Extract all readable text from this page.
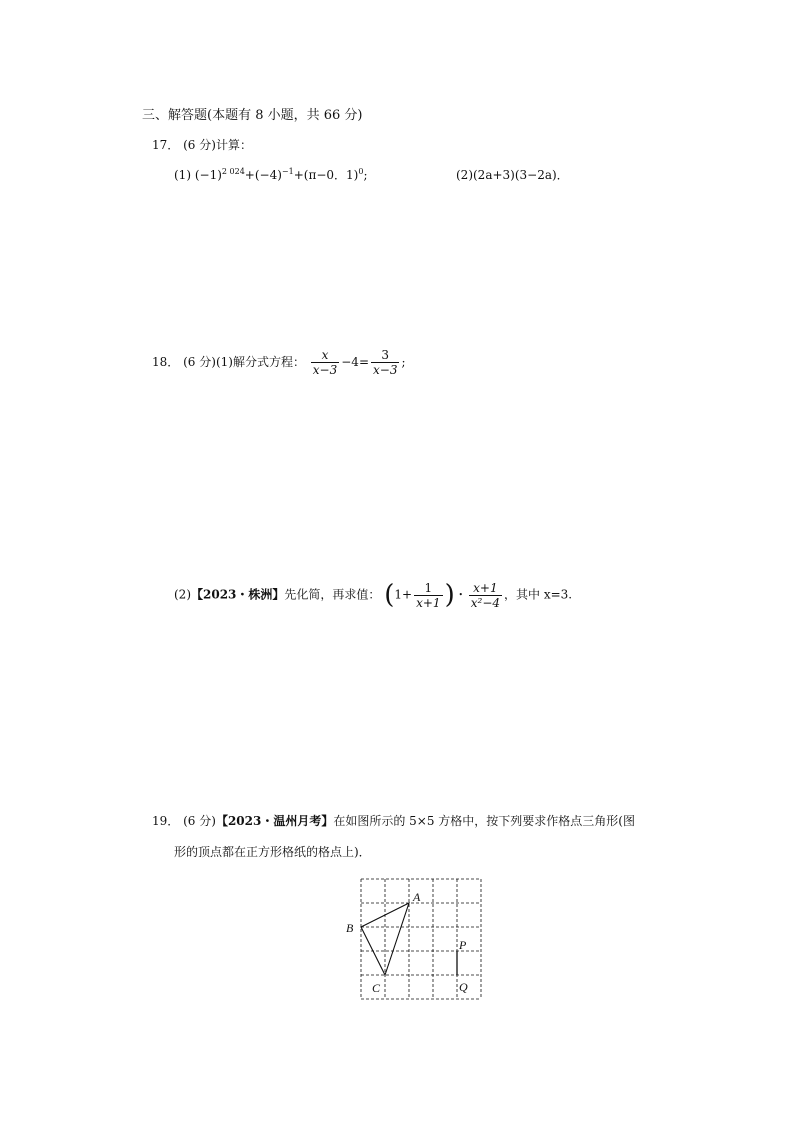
三、解答题(本题有 8 小题，共 66 分)
17． (6 分)计算：
(1) $(-1)^{2 024}+(-4)^{-1}+(\pi-0$．1)$^0$;	(2)(2a+3)(3−2a)．
18． (6 分)(1)解分式方程： $\frac{x}{x-3} -4= \frac{3}{x-3}$ ;
(2)【2023・株洲】先化简，再求值： ($1+ \frac{1}{x+1}$ )・ $\frac{x+1}{\text{x²−4}}$ ，其中 x=3.
19． (6 分)【2023・温州月考】在如图所示的 5×5 方格中，按下列要求作格点三角形(图
形的顶点都在正方形格纸的格点上)．
A
B
C
P
Q
